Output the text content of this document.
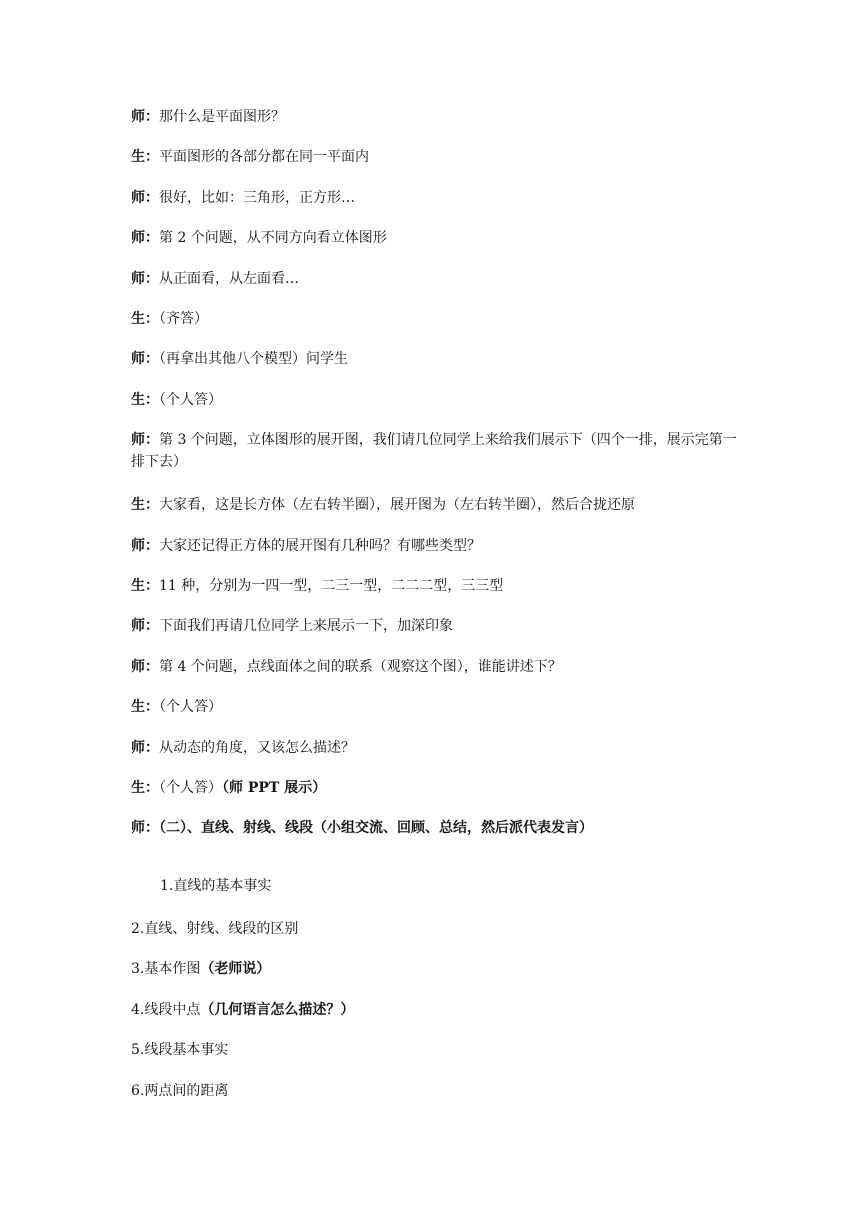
师：那什么是平面图形？
生：平面图形的各部分都在同一平面内
师：很好，比如：三角形，正方形…
师：第 2 个问题，从不同方向看立体图形
师：从正面看，从左面看…
生：（齐答）
师：（再拿出其他八个模型）问学生
生：（个人答）
师：第 3 个问题，立体图形的展开图，我们请几位同学上来给我们展示下（四个一排，展示完第一排下去）
生：大家看，这是长方体（左右转半圈），展开图为（左右转半圈），然后合拢还原
师：大家还记得正方体的展开图有几种吗？有哪些类型？
生：11 种，分别为一四一型，二三一型，二二二型，三三型
师：下面我们再请几位同学上来展示一下，加深印象
师：第 4 个问题，点线面体之间的联系（观察这个图），谁能讲述下？
生：（个人答）
师：从动态的角度，又该怎么描述？
生：（个人答）（师 PPT 展示）
师：（二）、直线、射线、线段（小组交流、回顾、总结，然后派代表发言）
1.直线的基本事实
2.直线、射线、线段的区别
3.基本作图（老师说）
4.线段中点（几何语言怎么描述？）
5.线段基本事实
6.两点间的距离
